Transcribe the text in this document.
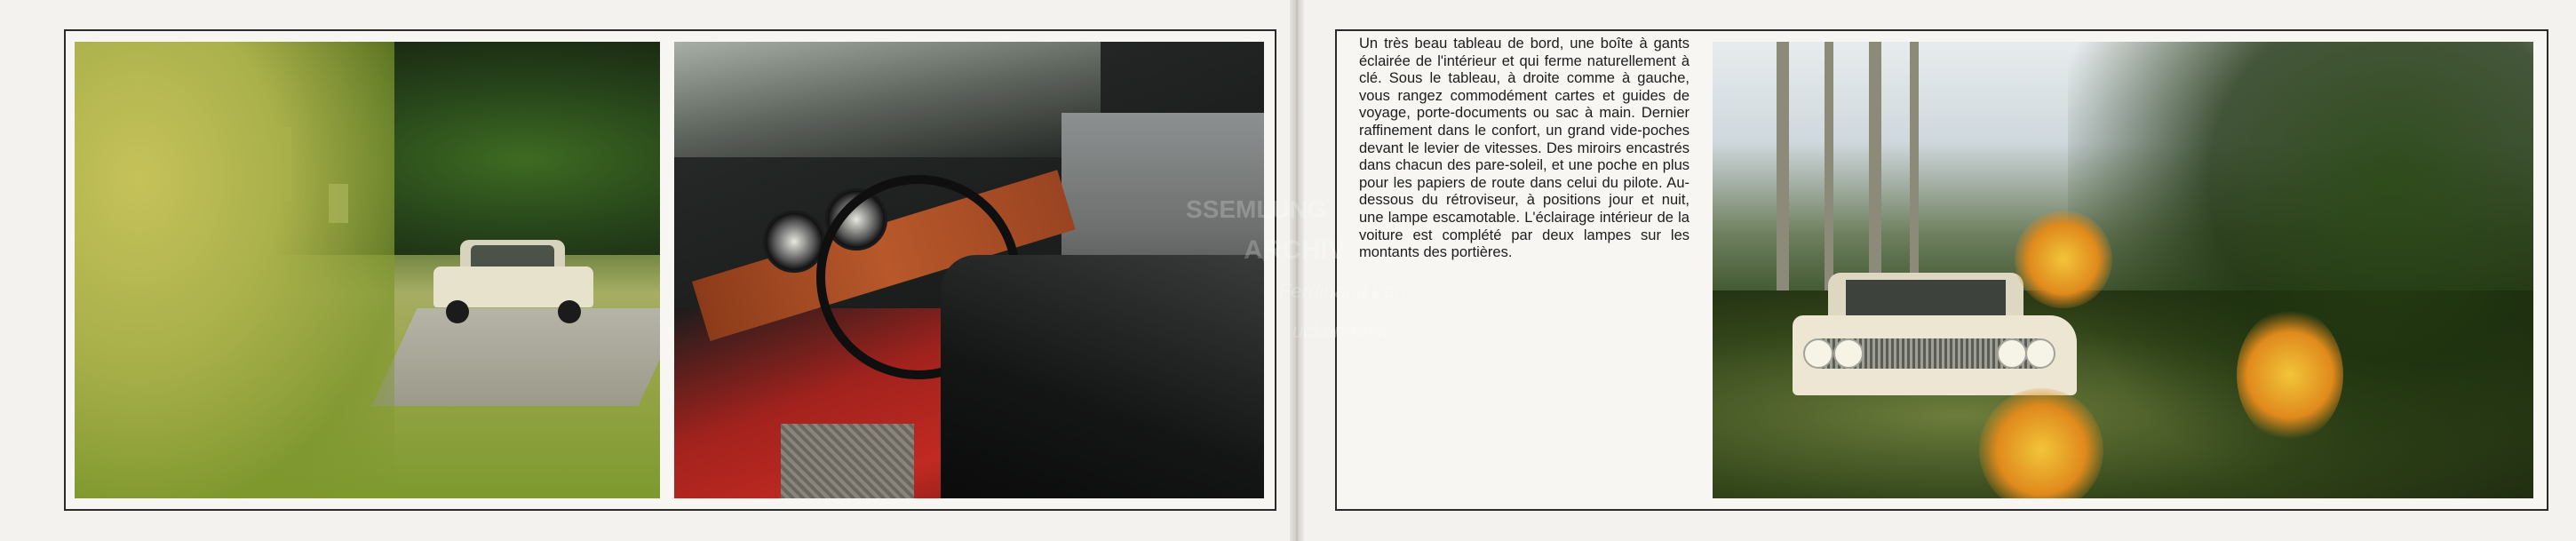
Un très beau tableau de bord, une boîte à gants éclairée de l'intérieur et qui ferme naturellement à clé. Sous le tableau, à droite comme à gauche, vous rangez commodément cartes et guides de voyage, porte-documents ou sac à main. Dernier raffinement dans le confort, un grand vide-poches devant le levier de vitesses. Des miroirs encastrés dans chacun des pare-soleil, et une poche en plus pour les papiers de route dans celui du pilote. Au-dessous du rétroviseur, à positions jour et nuit, une lampe escamotable. L'éclairage intérieur de la voiture est complété par deux lampes sur les montants des portières.
SSEMLUNG
ARCHIV
Ferdinand Lan
uckerfabrik2
